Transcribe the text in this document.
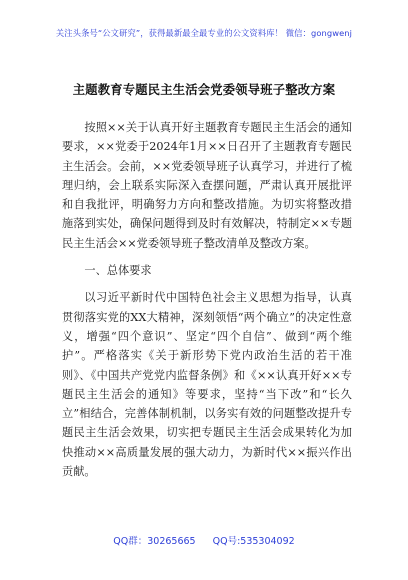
关注头条号“公文研究”，获得最新最全最专业的公文资料库！ 微信：gongwenj
主题教育专题民主生活会党委领导班子整改方案

按照××关于认真开好主题教育专题民主生活会的通知要求，××党委于2024年1月××日召开了主题教育专题民主生活会。会前，××党委领导班子认真学习，并进行了梳理归纳，会上联系实际深入查摆问题，严肃认真开展批评和自我批评，明确努力方向和整改措施。为切实将整改措施落到实处，确保问题得到及时有效解决，特制定××专题民主生活会××党委领导班子整改清单及整改方案。

一、总体要求

以习近平新时代中国特色社会主义思想为指导，认真贯彻落实党的XX大精神，深刻领悟“两个确立”的决定性意义，增强“四个意识”、坚定“四个自信”、做到“两个维护”。严格落实《关于新形势下党内政治生活的若干准则》、《中国共产党党内监督条例》和《××认真开好××专题民主生活会的通知》等要求，坚持“当下改”和“长久立”相结合，完善体制机制，以务实有效的问题整改提升专题民主生活会效果，切实把专题民主生活会成果转化为加快推动××高质量发展的强大动力，为新时代××振兴作出贡献。

QQ群：30265665 QQ号:535304092
